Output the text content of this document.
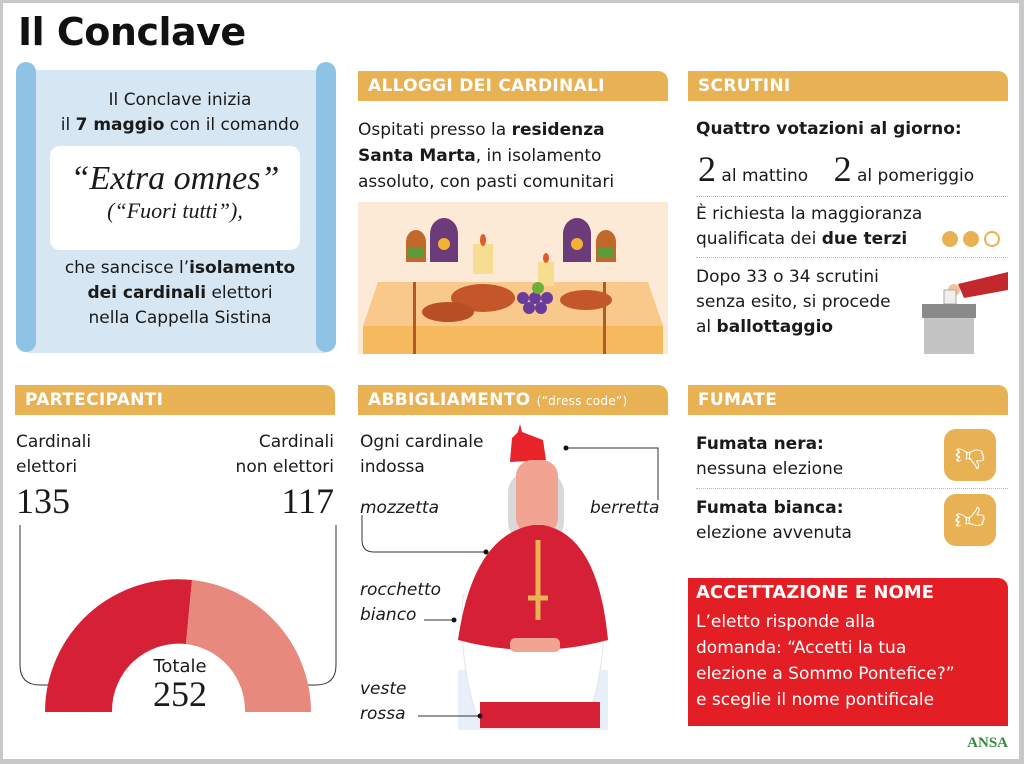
Il Conclave
Il Conclave inizia
il 7 maggio con il comando
“Extra omnes”
(“Fuori tutti”),
che sancisce l’isolamento
dei cardinali elettori
nella Cappella Sistina
ALLOGGI DEI CARDINALI
Ospitati presso la residenza
Santa Marta, in isolamento
assoluto, con pasti comunitari
SCRUTINI
Quattro votazioni al giorno:
2 al mattino 2 al pomeriggio
È richiesta la maggioranza
qualificata dei due terzi

Dopo 33 o 34 scrutini
senza esito, si procede
al ballottaggio
PARTECIPANTI
Cardinali
elettori
135
Cardinali
non elettori
117
Totale
252
ABBIGLIAMENTO (“dress code”)
Ogni cardinale
indossa
mozzetta	berretta
rocchetto
bianco
veste
rossa
FUMATE
Fumata nera:
nessuna elezione	👎︎
Fumata bianca:
elezione avvenuta	👍︎
ACCETTAZIONE E NOME
L’eletto risponde alla
domanda: “Accetti la tua
elezione a Sommo Pontefice?”
e sceglie il nome pontificale
ANSA
